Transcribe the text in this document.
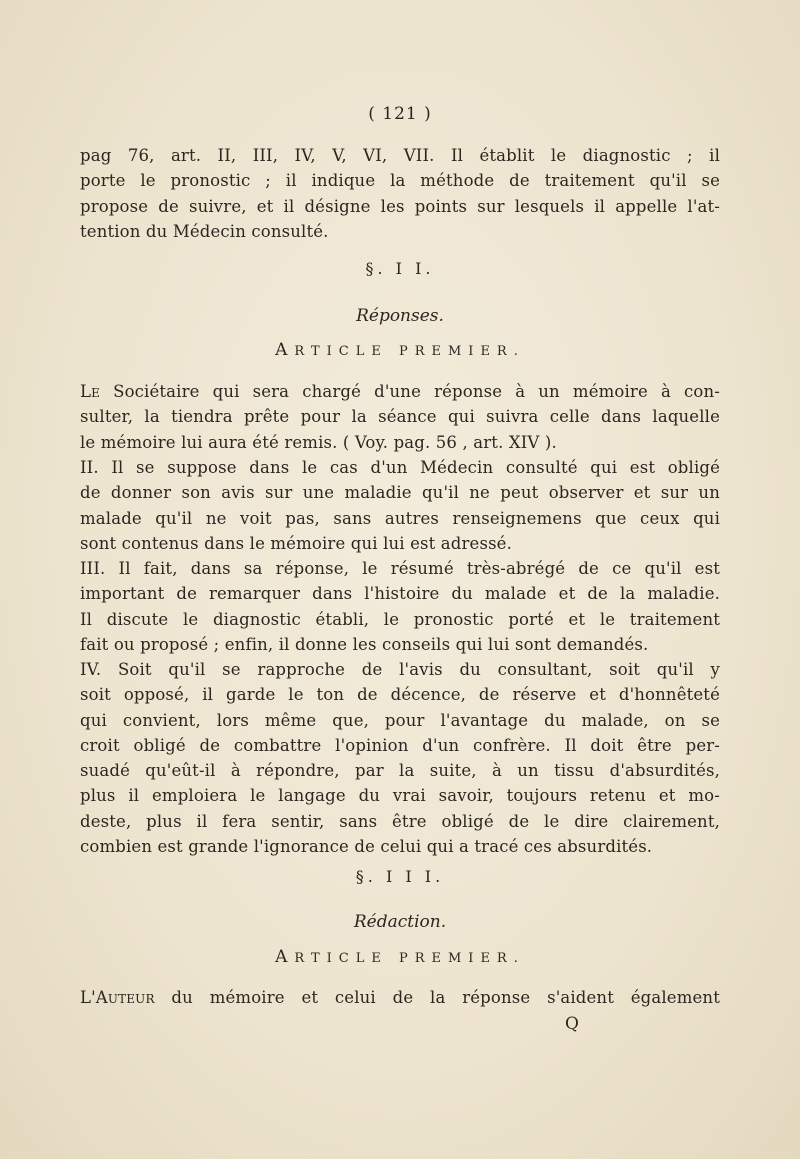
( 121 )
pag 76, art. II, III, IV, V, VI, VII. Il établit le diagnostic ; il
porte le pronostic ; il indique la méthode de traitement qu'il se
propose de suivre, et il désigne les points sur lesquels il appelle l'at-
tention du Médecin consulté.
§. I I.
Réponses.
ARTICLE PREMIER.
Le Sociétaire qui sera chargé d'une réponse à un mémoire à con-
sulter, la tiendra prête pour la séance qui suivra celle dans laquelle
le mémoire lui aura été remis. ( Voy. pag. 56 , art. XIV ).
II. Il se suppose dans le cas d'un Médecin consulté qui est obligé
de donner son avis sur une maladie qu'il ne peut observer et sur un
malade qu'il ne voit pas, sans autres renseignemens que ceux qui
sont contenus dans le mémoire qui lui est adressé.
III. Il fait, dans sa réponse, le résumé très-abrégé de ce qu'il est
important de remarquer dans l'histoire du malade et de la maladie.
Il discute le diagnostic établi, le pronostic porté et le traitement
fait ou proposé ; enfin, il donne les conseils qui lui sont demandés.
IV. Soit qu'il se rapproche de l'avis du consultant, soit qu'il y
soit opposé, il garde le ton de décence, de réserve et d'honnêteté
qui convient, lors même que, pour l'avantage du malade, on se
croit obligé de combattre l'opinion d'un confrère. Il doit être per-
suadé qu'eût-il à répondre, par la suite, à un tissu d'absurdités,
plus il emploiera le langage du vrai savoir, toujours retenu et mo-
deste, plus il fera sentir, sans être obligé de le dire clairement,
combien est grande l'ignorance de celui qui a tracé ces absurdités.
§. I I I.
Rédaction.
ARTICLE PREMIER.
L'Auteur du mémoire et celui de la réponse s'aident également
Q
